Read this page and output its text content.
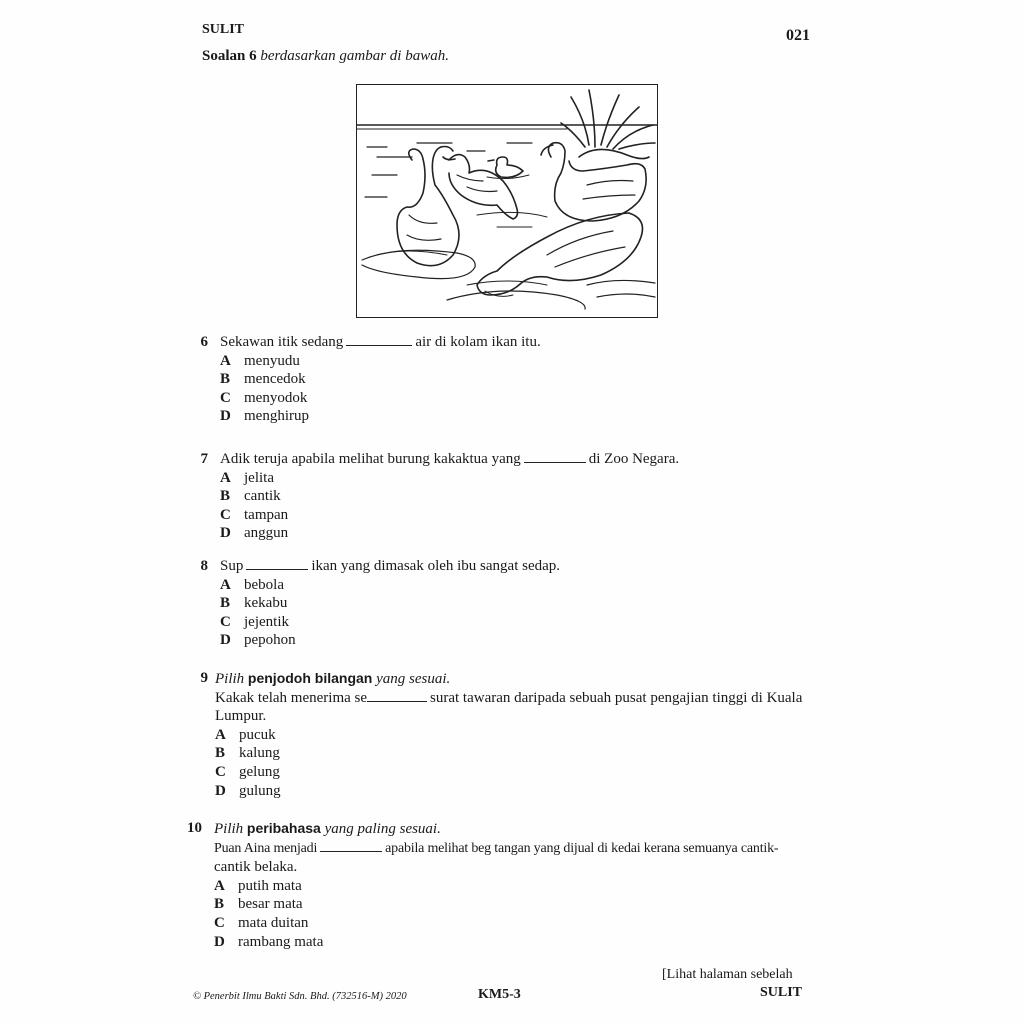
SULIT	021
Soalan 6 berdasarkan gambar di bawah.
6 Sekawan itik sedang	air di kolam ikan itu.
A menyudu
B mencedok
C menyodok
D menghirup
7 Adik teruja apabila melihat burung kakaktua yang	di Zoo Negara.
A jelita
B cantik
C tampan
D anggun
8 Sup	ikan yang dimasak oleh ibu sangat sedap.
A bebola
B kekabu
C jejentik
D pepohon
9 Pilih penjodoh bilangan yang sesuai.
Kakak telah menerima se	surat tawaran daripada sebuah pusat pengajian tinggi di Kuala
Lumpur.
A pucuk
B kalung
C gelung
D gulung
10 Pilih peribahasa yang paling sesuai.
Puan Aina menjadi	apabila melihat beg tangan yang dijual di kedai kerana semuanya cantik-
cantik belaka.
A putih mata
B besar mata
C mata duitan
D rambang mata
[Lihat halaman sebelah
© Penerbit Ilmu Bakti Sdn. Bhd. (732516-M) 2020	KM5-3	SULIT
